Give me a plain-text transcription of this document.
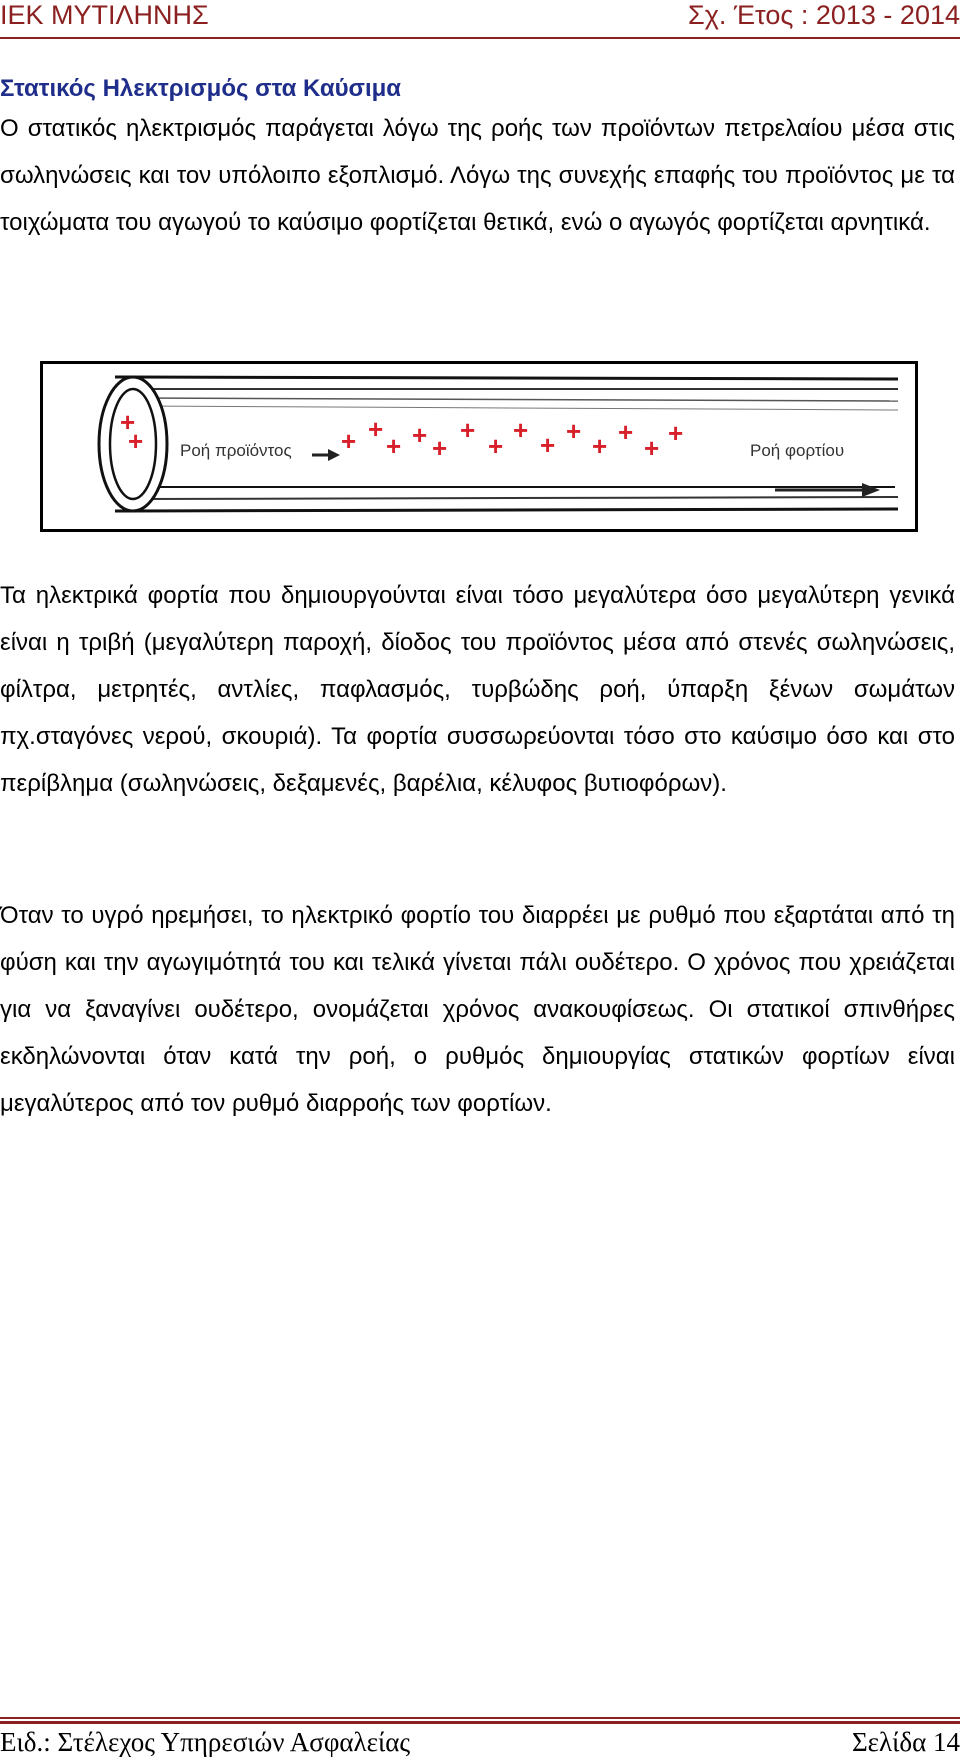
ΙΕΚ ΜΥΤΙΛΗΝΗΣ	Σχ. Έτος : 2013 - 2014
Στατικός Ηλεκτρισμός στα Καύσιμα
Ο στατικός ηλεκτρισμός παράγεται λόγω της ροής των προϊόντων πετρελαίου μέσα στις σωληνώσεις και τον υπόλοιπο εξοπλισμό. Λόγω της συνεχής επαφής του προϊόντος με τα τοιχώματα του αγωγού το καύσιμο φορτίζεται θετικά, ενώ ο αγωγός φορτίζεται αρνητικά.
+
+
+ +
+ + +
+
+
+ + + + +
+ +
Ροή προϊόντος	Ροή φορτίου
Τα ηλεκτρικά φορτία που δημιουργούνται είναι τόσο μεγαλύτερα όσο μεγαλύτερη γενικά είναι η τριβή (μεγαλύτερη παροχή, δίοδος του προϊόντος μέσα από στενές σωληνώσεις, φίλτρα, μετρητές, αντλίες, παφλασμός, τυρβώδης ροή, ύπαρξη ξένων σωμάτων πχ.σταγόνες νερού, σκουριά). Τα φορτία συσσωρεύονται τόσο στο καύσιμο όσο και στο περίβλημα (σωληνώσεις, δεξαμενές, βαρέλια, κέλυφος βυτιοφόρων).
Όταν το υγρό ηρεμήσει, το ηλεκτρικό φορτίο του διαρρέει με ρυθμό που εξαρτάται από τη φύση και την αγωγιμότητά του και τελικά γίνεται πάλι ουδέτερο. Ο χρόνος που χρειάζεται για να ξαναγίνει ουδέτερο, ονομάζεται χρόνος ανακουφίσεως. Οι στατικοί σπινθήρες εκδηλώνονται όταν κατά την ροή, ο ρυθμός δημιουργίας στατικών φορτίων είναι μεγαλύτερος από τον ρυθμό διαρροής των φορτίων.
Ειδ.: Στέλεχος Υπηρεσιών Ασφαλείας	Σελίδα 14
